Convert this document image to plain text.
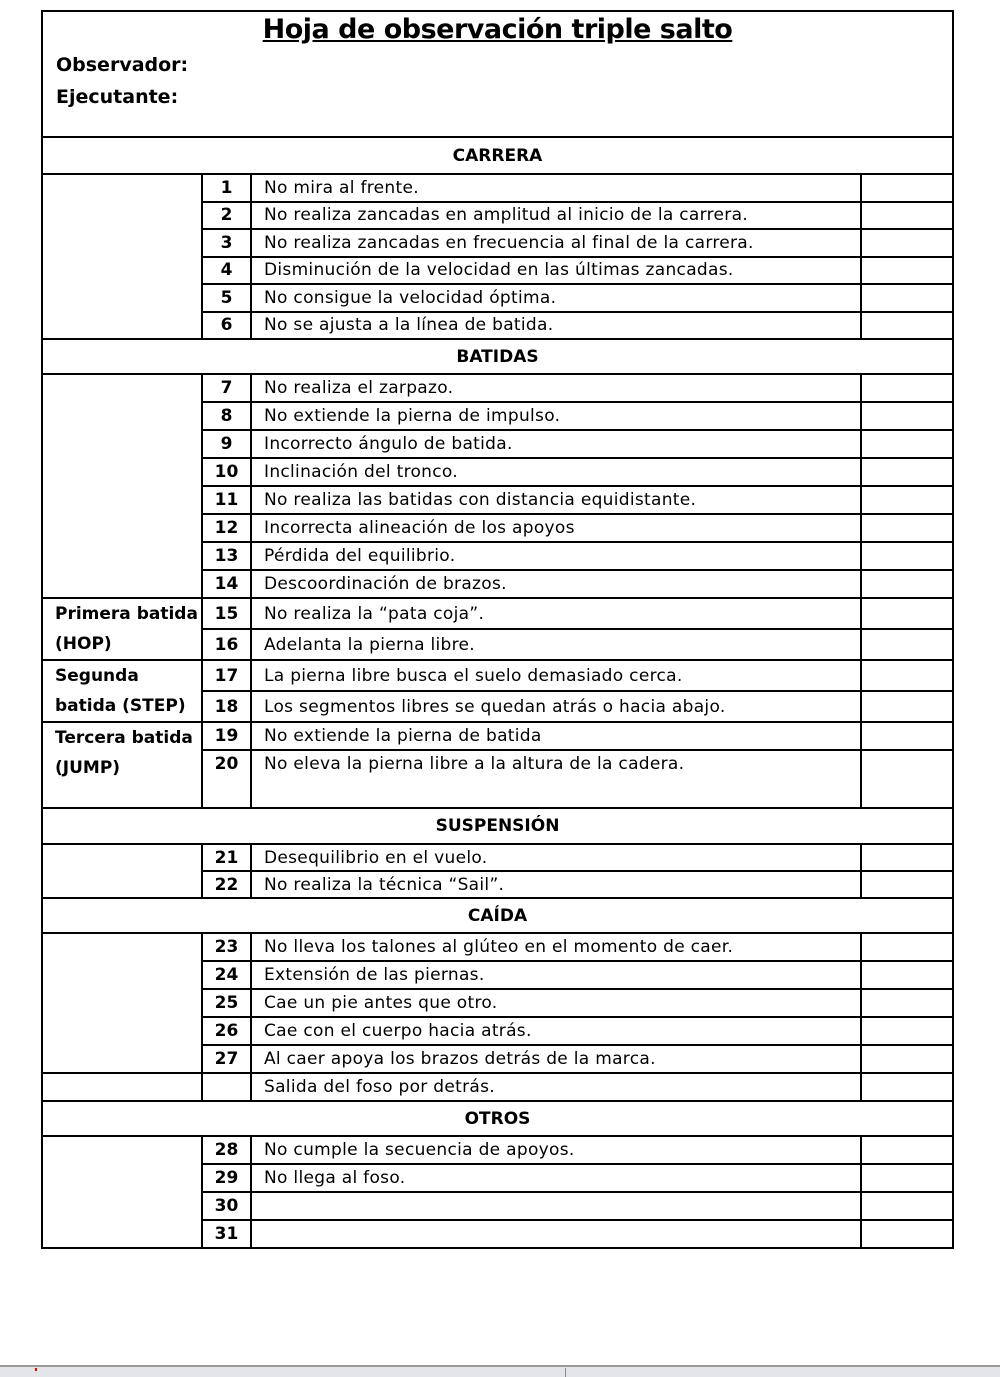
Hoja de observación triple salto
Observador:
Ejecutante:			

CARRERA			
	1	No mira al frente.	
	2	No realiza zancadas en amplitud al inicio de la carrera.	
	3	No realiza zancadas en frecuencia al final de la carrera.	
	4	Disminución de la velocidad en las últimas zancadas.	
	5	No consigue la velocidad óptima.	
	6	No se ajusta a la línea de batida.	
BATIDAS			
	7	No realiza el zarpazo.	
	8	No extiende la pierna de impulso.	
	9	Incorrecto ángulo de batida.	
	10	Inclinación del tronco.	
	11	No realiza las batidas con distancia equidistante.	
	12	Incorrecta alineación de los apoyos	
	13	Pérdida del equilibrio.	
	14	Descoordinación de brazos.	
Primera batida (HOP)	15	No realiza la “pata coja”.	
	16	Adelanta la pierna libre.	
Segunda batida (STEP)	17	La pierna libre busca el suelo demasiado cerca.	
	18	Los segmentos libres se quedan atrás o hacia abajo.	
Tercera batida (JUMP)	19	No extiende la pierna de batida	
	20	No eleva la pierna libre a la altura de la cadera.	
SUSPENSIÓN			
	21	Desequilibrio en el vuelo.	
	22	No realiza la técnica “Sail”.	
CAÍDA			
	23	No lleva los talones al glúteo en el momento de caer.	
	24	Extensión de las piernas.	
	25	Cae un pie antes que otro.	
	26	Cae con el cuerpo hacia atrás.	
	27	Al caer apoya los brazos detrás de la marca.	
		Salida del foso por detrás.	
OTROS			
	28	No cumple la secuencia de apoyos.	
	29	No llega al foso.	
	30		
	31		
